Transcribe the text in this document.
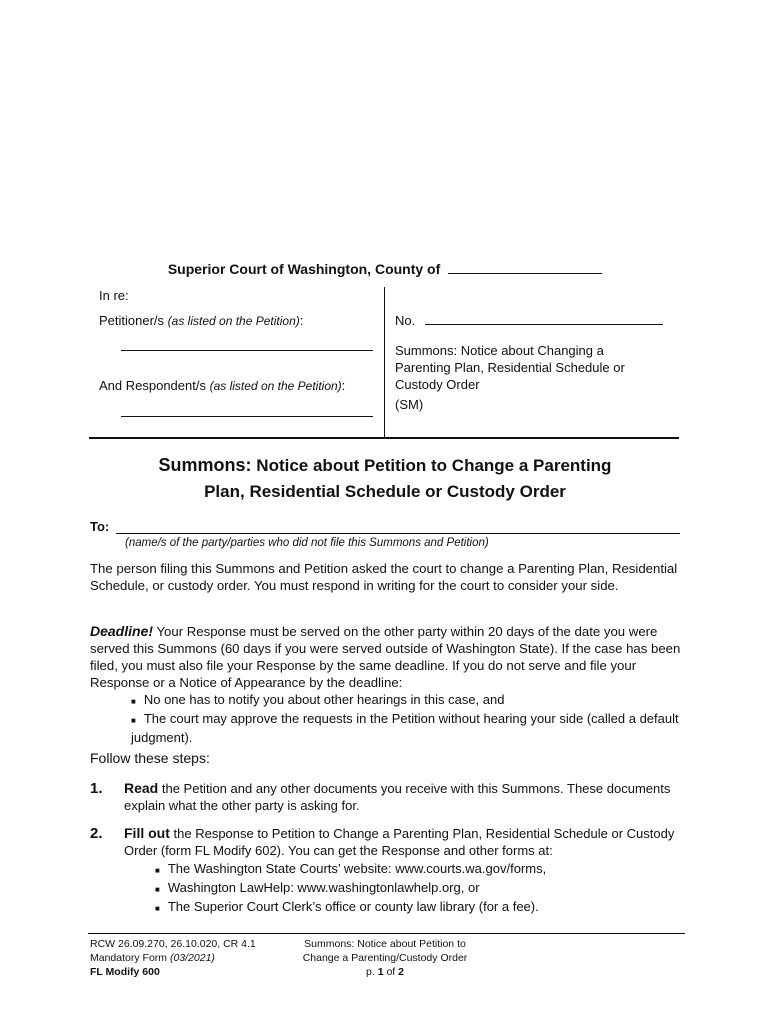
Superior Court of Washington, County of
In re:
Petitioner/s (as listed on the Petition):
And Respondent/s (as listed on the Petition):
No.
Summons: Notice about Changing a Parenting Plan, Residential Schedule or Custody Order
(SM)
Summons: Notice about Petition to Change a Parenting
Plan, Residential Schedule or Custody Order
To:
(name/s of the party/parties who did not file this Summons and Petition)
The person filing this Summons and Petition asked the court to change a Parenting Plan, Residential Schedule, or custody order. You must respond in writing for the court to consider your side.
Deadline! Your Response must be served on the other party within 20 days of the date you were served this Summons (60 days if you were served outside of Washington State). If the case has been filed, you must also file your Response by the same deadline. If you do not serve and file your Response or a Notice of Appearance by the deadline:
■ No one has to notify you about other hearings in this case, and
■ The court may approve the requests in the Petition without hearing your side (called a default judgment).
Follow these steps:
1. Read the Petition and any other documents you receive with this Summons. These documents explain what the other party is asking for.
2. Fill out the Response to Petition to Change a Parenting Plan, Residential Schedule or Custody Order (form FL Modify 602). You can get the Response and other forms at:
■ The Washington State Courts’ website: www.courts.wa.gov/forms,
■ Washington LawHelp: www.washingtonlawhelp.org, or
■ The Superior Court Clerk’s office or county law library (for a fee).
RCW 26.09.270, 26.10.020, CR 4.1
Mandatory Form (03/2021)
FL Modify 600
Summons: Notice about Petition to
Change a Parenting/Custody Order
p. 1 of 2
